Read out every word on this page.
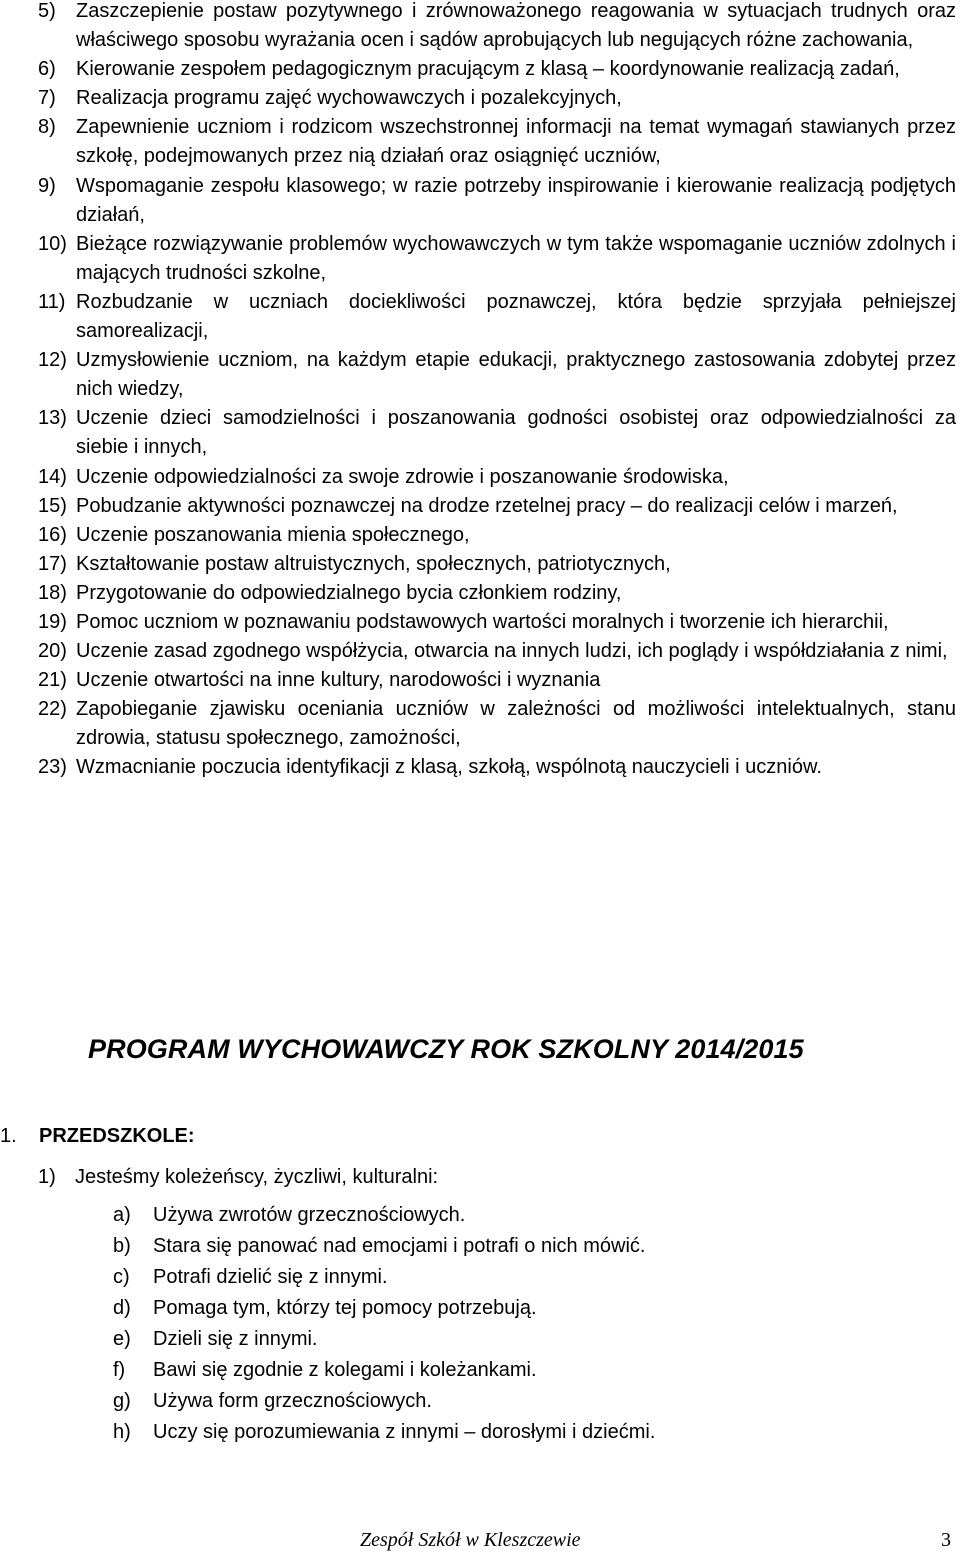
5) Zaszczepienie postaw pozytywnego i zrównoważonego reagowania w sytuacjach trudnych oraz właściwego sposobu wyrażania ocen i sądów aprobujących lub negujących różne zachowania,
6) Kierowanie zespołem pedagogicznym pracującym z klasą – koordynowanie realizacją zadań,
7) Realizacja programu zajęć wychowawczych i pozalekcyjnych,
8) Zapewnienie uczniom i rodzicom wszechstronnej informacji na temat wymagań stawianych przez szkołę, podejmowanych przez nią działań oraz osiągnięć uczniów,
9) Wspomaganie zespołu klasowego; w razie potrzeby inspirowanie i kierowanie realizacją podjętych działań,
10) Bieżące rozwiązywanie problemów wychowawczych w tym także wspomaganie uczniów zdolnych i mających trudności szkolne,
11) Rozbudzanie w uczniach dociekliwości poznawczej, która będzie sprzyjała pełniejszej samorealizacji,
12) Uzmysłowienie uczniom, na każdym etapie edukacji, praktycznego zastosowania zdobytej przez nich wiedzy,
13) Uczenie dzieci samodzielności i poszanowania godności osobistej oraz odpowiedzialności za siebie i innych,
14) Uczenie odpowiedzialności za swoje zdrowie i poszanowanie środowiska,
15) Pobudzanie aktywności poznawczej na drodze rzetelnej pracy – do realizacji celów i marzeń,
16) Uczenie poszanowania mienia społecznego,
17) Kształtowanie postaw altruistycznych, społecznych, patriotycznych,
18) Przygotowanie do odpowiedzialnego bycia członkiem rodziny,
19) Pomoc uczniom w poznawaniu podstawowych wartości moralnych i tworzenie ich hierarchii,
20) Uczenie zasad zgodnego współżycia, otwarcia na innych ludzi, ich poglądy i współdziałania z nimi,
21) Uczenie otwartości na inne kultury, narodowości i wyznania
22) Zapobieganie zjawisku oceniania uczniów w zależności od możliwości intelektualnych, stanu zdrowia, statusu społecznego, zamożności,
23) Wzmacnianie poczucia identyfikacji z klasą, szkołą, wspólnotą nauczycieli i uczniów.
PROGRAM WYCHOWAWCZY ROK SZKOLNY 2014/2015
1. PRZEDSZKOLE:
1) Jesteśmy koleżeńscy, życzliwi, kulturalni:
a) Używa zwrotów grzecznościowych.
b) Stara się panować nad emocjami i potrafi o nich mówić.
c) Potrafi dzielić się z innymi.
d) Pomaga tym, którzy tej pomocy potrzebują.
e) Dzieli się z innymi.
f) Bawi się zgodnie z kolegami i koleżankami.
g) Używa form grzecznościowych.
h) Uczy się porozumiewania z innymi – dorosłymi i dziećmi.
Zespół Szkół w Kleszczewie	3
